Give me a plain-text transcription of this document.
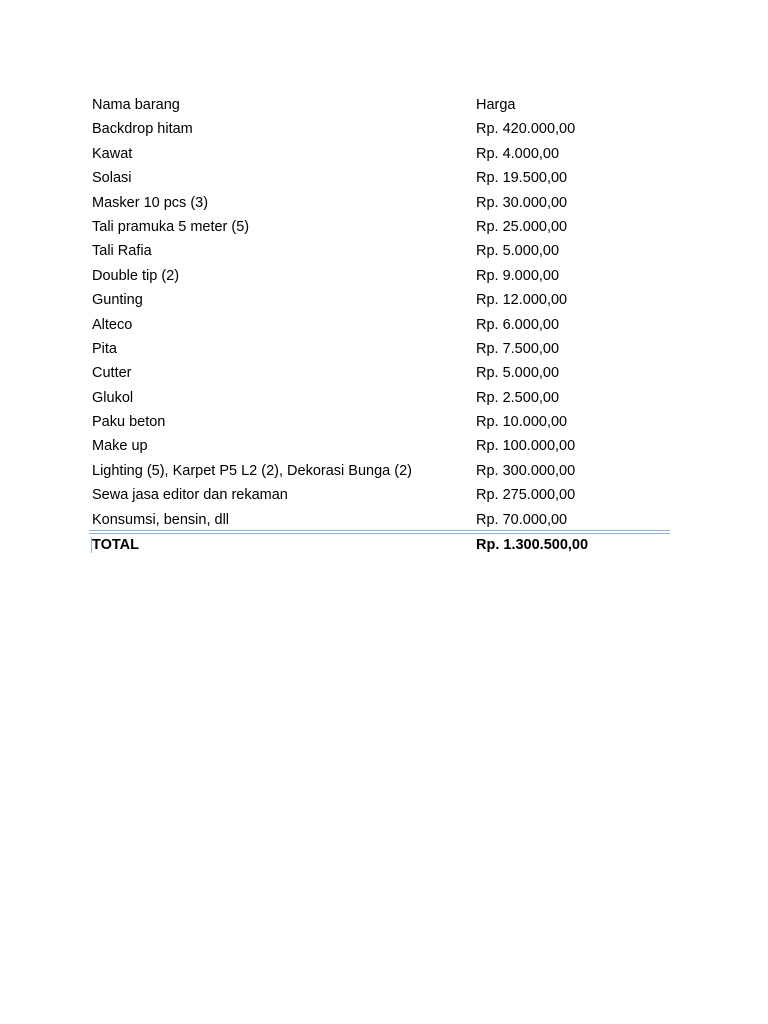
Nama barang	Harga
Backdrop hitam	Rp. 420.000,00
Kawat	Rp. 4.000,00
Solasi	Rp. 19.500,00
Masker 10 pcs (3)	Rp. 30.000,00
Tali pramuka 5 meter (5)	Rp. 25.000,00
Tali Rafia	Rp. 5.000,00
Double tip (2)	Rp. 9.000,00
Gunting	Rp. 12.000,00
Alteco	Rp. 6.000,00
Pita	Rp. 7.500,00
Cutter	Rp. 5.000,00
Glukol	Rp. 2.500,00
Paku beton	Rp. 10.000,00
Make up	Rp. 100.000,00
Lighting (5), Karpet P5 L2 (2), Dekorasi Bunga (2)	Rp. 300.000,00
Sewa jasa editor dan rekaman	Rp. 275.000,00
Konsumsi, bensin, dll	Rp. 70.000,00
TOTAL	Rp. 1.300.500,00
